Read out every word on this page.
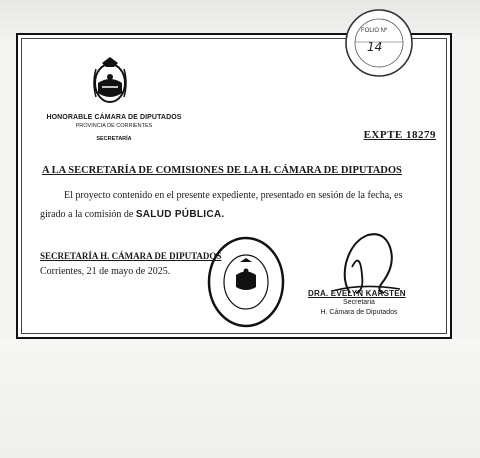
HONORABLE CÁMARA DE DIPUTADOS
PROVINCIA DE CORRIENTES
SECRETARÍA	EXPTE 18279
A LA SECRETARÍA DE COMISIONES DE LA H. CÁMARA DE DIPUTADOS
El proyecto contenido en el presente expediente, presentado en sesión de la fecha, es
girado a la comisión de SALUD PÚBLICA.
SECRETARÍA H. CÁMARA DE DIPUTADOS
Corrientes, 21 de mayo de 2025.
DRA. EVELYN KARSTEN
Secretaria
H. Cámara de Diputados
FOLIO Nº
14
